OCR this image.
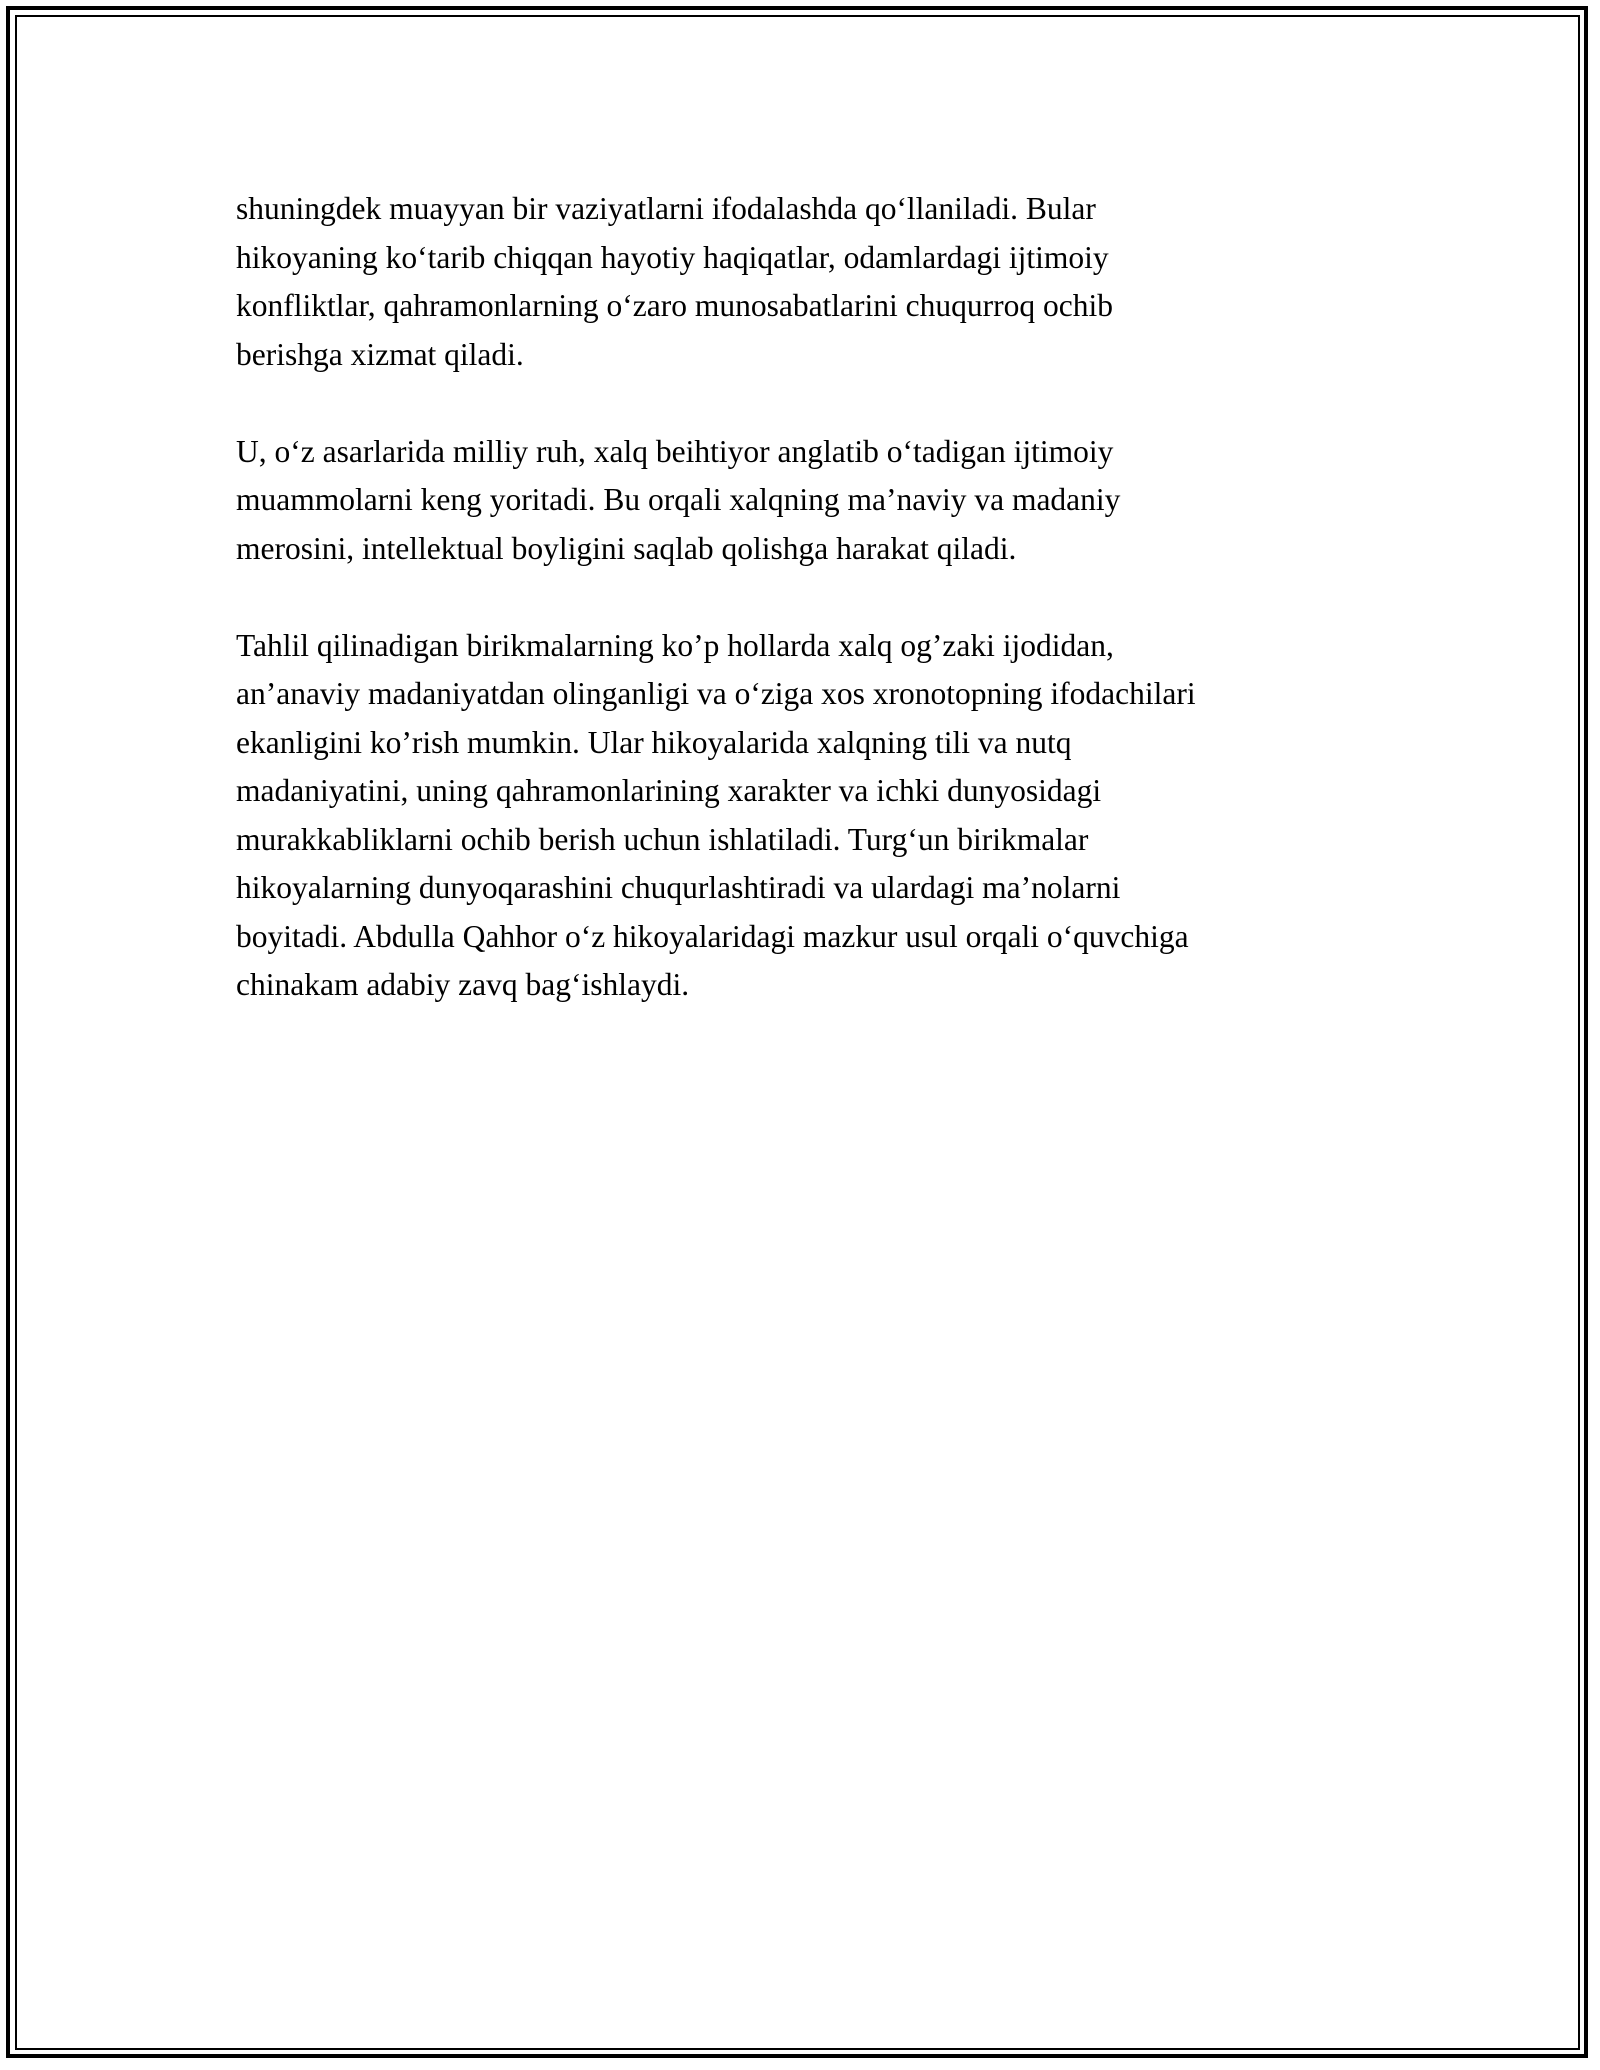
shuningdek muayyan bir vaziyatlarni ifodalashda qo‘llaniladi. Bular
hikoyaning ko‘tarib chiqqan hayotiy haqiqatlar, odamlardagi ijtimoiy
konfliktlar, qahramonlarning o‘zaro munosabatlarini chuqurroq ochib
berishga xizmat qiladi.

U, o‘z asarlarida milliy ruh, xalq beihtiyor anglatib o‘tadigan ijtimoiy
muammolarni keng yoritadi. Bu orqali xalqning ma’naviy va madaniy
merosini, intellektual boyligini saqlab qolishga harakat qiladi.

Tahlil qilinadigan birikmalarning ko’p hollarda xalq og’zaki ijodidan,
an’anaviy madaniyatdan olinganligi va o‘ziga xos xronotopning ifodachilari
ekanligini ko’rish mumkin. Ular hikoyalarida xalqning tili va nutq
madaniyatini, uning qahramonlarining xarakter va ichki dunyosidagi
murakkabliklarni ochib berish uchun ishlatiladi. Turg‘un birikmalar
hikoyalarning dunyoqarashini chuqurlashtiradi va ulardagi ma’nolarni
boyitadi. Abdulla Qahhor o‘z hikoyalaridagi mazkur usul orqali o‘quvchiga
chinakam adabiy zavq bag‘ishlaydi.
